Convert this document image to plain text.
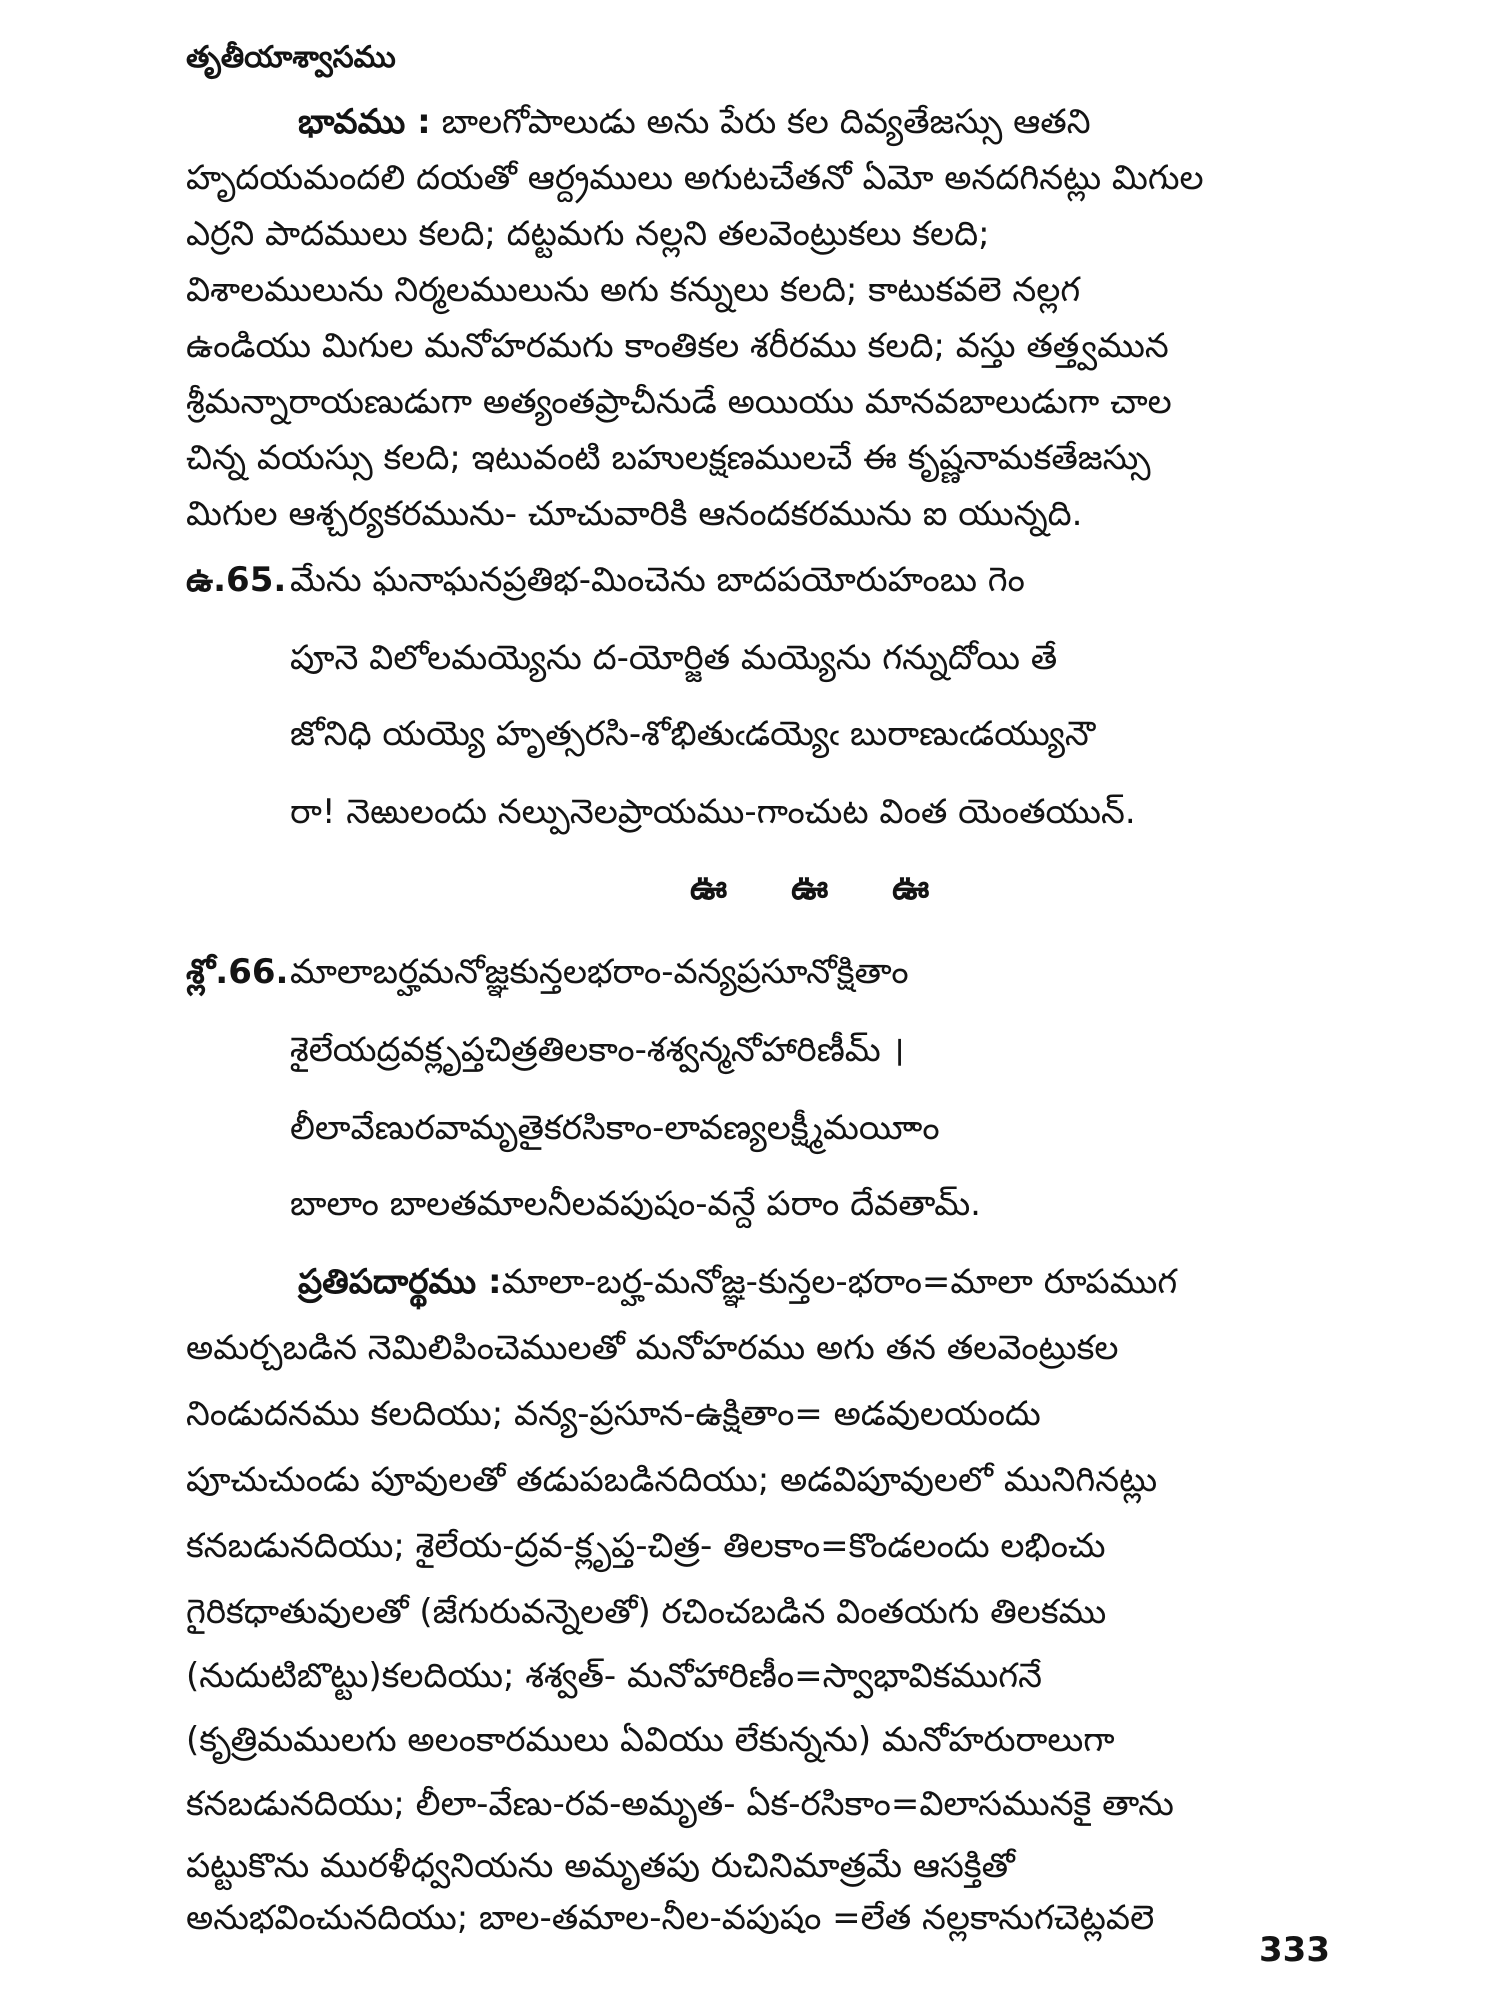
తృతీయాశ్వాసము
భావము : బాలగోపాలుడు అను పేరు కల దివ్యతేజస్సు ఆతని
హృదయమందలి దయతో ఆర్ద్రములు అగుటచేతనో ఏమో అనదగినట్లు మిగుల
ఎర్రని పాదములు కలది; దట్టమగు నల్లని తలవెంట్రుకలు కలది;
విశాలములును నిర్మలములును అగు కన్నులు కలది; కాటుకవలె నల్లగ
ఉండియు మిగుల మనోహరమగు కాంతికల శరీరము కలది; వస్తు తత్త్వమున
శ్రీమన్నారాయణుడుగా అత్యంతప్రాచీనుడే అయియు మానవబాలుడుగా చాల
చిన్న వయస్సు కలది; ఇటువంటి బహులక్షణములచే ఈ కృష్ణనామకతేజస్సు
మిగుల ఆశ్చర్యకరమును- చూచువారికి ఆనందకరమును ఐ యున్నది.
ఉ.65. మేను ఘనాఘనప్రతిభ-మించెను బాదపయోరుహంబు గెం
పూనె విలోలమయ్యెను ద-యోర్జిత మయ్యెను గన్నుదోయి తే
జోనిధి యయ్యె హృత్సరసి-శోభితుఁడయ్యెఁ బురాణుఁడయ్యునౌ
రా! నెఱులందు నల్పునెలప్రాయము-గాంచుట వింత యెంతయున్.
ఊ ఊ ఊ
శ్లో.66. మాలాబర్హమనోజ్ఞకున్తలభరాం-వన్యప్రసూనోక్షితాం
శైలేయద్రవక్లృప్తచిత్రతిలకాం-శశ్వన్మనోహారిణీమ్ ।
లీలావేణురవామృతైకరసికాం-లావణ్యలక్ష్మీమయీాం
బాలాం బాలతమాలనీలవపుషం-వన్దే పరాం దేవతామ్.
ప్రతిపదార్థము :మాలా-బర్హ-మనోజ్ఞ-కున్తల-భరాం=మాలా రూపముగ
అమర్చబడిన నెమిలిపించెములతో మనోహరము అగు తన తలవెంట్రుకల
నిండుదనము కలదియు; వన్య-ప్రసూన-ఉక్షితాం= అడవులయందు
పూచుచుండు పూవులతో తడుపబడినదియు; అడవిపూవులలో మునిగినట్లు
కనబడునదియు; శైలేయ-ద్రవ-క్లృప్త-చిత్ర- తిలకాం=కొండలందు లభించు
గైరికధాతువులతో (జేగురువన్నెలతో) రచించబడిన వింతయగు తిలకము
(నుదుటిబొట్టు)కలదియు; శశ్వత్- మనోహారిణీం=స్వాభావికముగనే
(కృత్రిమములగు అలంకారములు ఏవియు లేకున్నను) మనోహరురాలుగా
కనబడునదియు; లీలా-వేణు-రవ-అమృత- ఏక-రసికాం=విలాసమునకై తాను
పట్టుకొను మురళీధ్వనియను అమృతపు రుచినిమాత్రమే ఆసక్తితో
అనుభవించునదియు; బాల-తమాల-నీల-వపుషం =లేత నల్లకానుగచెట్లవలె
333
